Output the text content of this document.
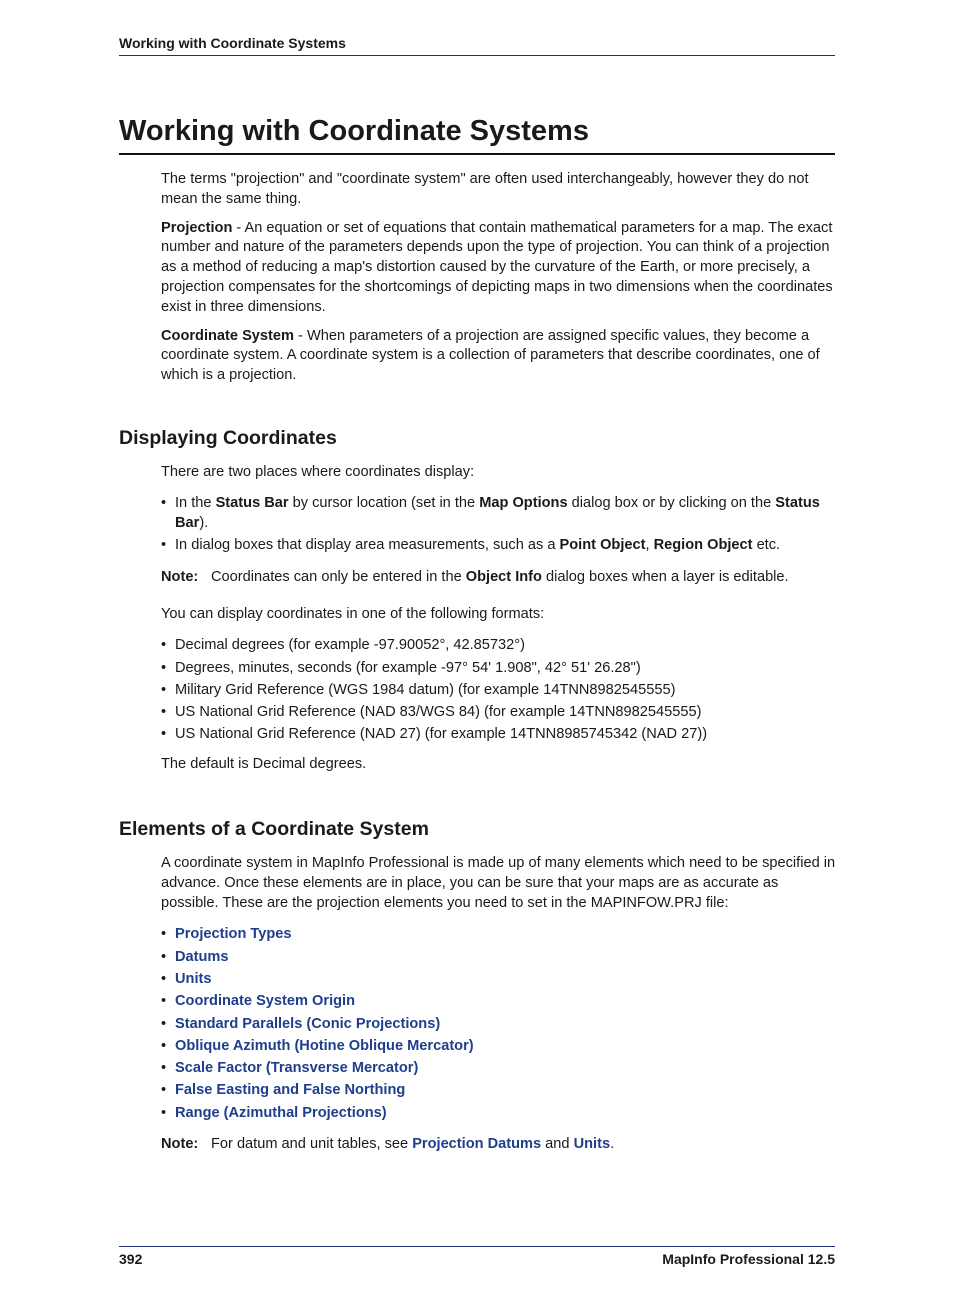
Working with Coordinate Systems
Working with Coordinate Systems

The terms "projection" and "coordinate system" are often used interchangeably, however they do not mean the same thing.

Projection - An equation or set of equations that contain mathematical parameters for a map. The exact number and nature of the parameters depends upon the type of projection. You can think of a projection as a method of reducing a map's distortion caused by the curvature of the Earth, or more precisely, a projection compensates for the shortcomings of depicting maps in two dimensions when the coordinates exist in three dimensions.

Coordinate System - When parameters of a projection are assigned specific values, they become a coordinate system. A coordinate system is a collection of parameters that describe coordinates, one of which is a projection.

Displaying Coordinates

There are two places where coordinates display:

• In the Status Bar by cursor location (set in the Map Options dialog box or by clicking on the Status Bar).
• In dialog boxes that display area measurements, such as a Point Object, Region Object etc.

Note: Coordinates can only be entered in the Object Info dialog boxes when a layer is editable.

You can display coordinates in one of the following formats:

• Decimal degrees (for example -97.90052°, 42.85732°)
• Degrees, minutes, seconds (for example -97° 54' 1.908", 42° 51' 26.28")
• Military Grid Reference (WGS 1984 datum) (for example 14TNN8982545555)
• US National Grid Reference (NAD 83/WGS 84) (for example 14TNN8982545555)
• US National Grid Reference (NAD 27) (for example 14TNN8985745342 (NAD 27))

The default is Decimal degrees.

Elements of a Coordinate System

A coordinate system in MapInfo Professional is made up of many elements which need to be specified in advance. Once these elements are in place, you can be sure that your maps are as accurate as possible. These are the projection elements you need to set in the MAPINFOW.PRJ file:

• Projection Types
• Datums
• Units
• Coordinate System Origin
• Standard Parallels (Conic Projections)
• Oblique Azimuth (Hotine Oblique Mercator)
• Scale Factor (Transverse Mercator)
• False Easting and False Northing
• Range (Azimuthal Projections)

Note: For datum and unit tables, see Projection Datums and Units.

392	MapInfo Professional 12.5
